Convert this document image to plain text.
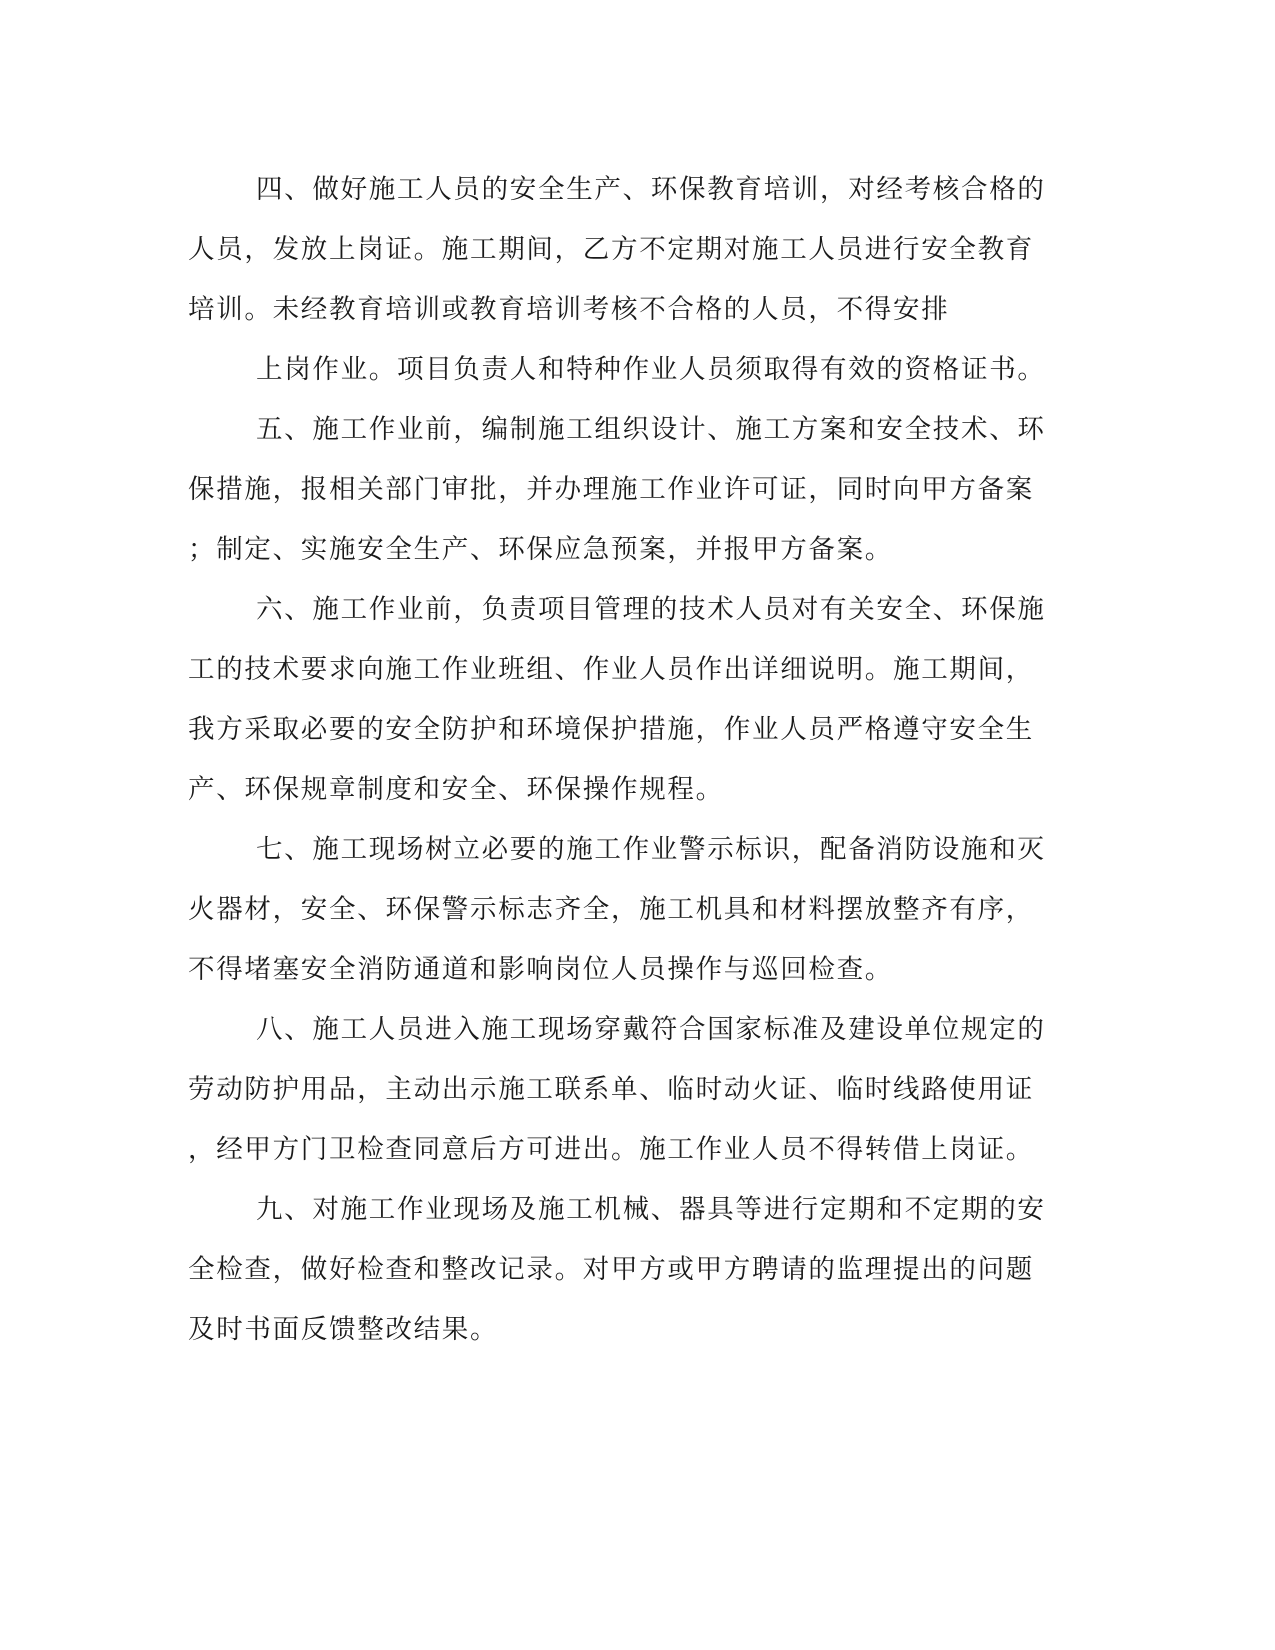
四、做好施工人员的安全生产、环保教育培训，对经考核合格的

人员，发放上岗证。施工期间，乙方不定期对施工人员进行安全教育

培训。未经教育培训或教育培训考核不合格的人员，不得安排

上岗作业。项目负责人和特种作业人员须取得有效的资格证书。

五、施工作业前，编制施工组织设计、施工方案和安全技术、环

保措施，报相关部门审批，并办理施工作业许可证，同时向甲方备案

；制定、实施安全生产、环保应急预案，并报甲方备案。

六、施工作业前，负责项目管理的技术人员对有关安全、环保施

工的技术要求向施工作业班组、作业人员作出详细说明。施工期间，

我方采取必要的安全防护和环境保护措施，作业人员严格遵守安全生

产、环保规章制度和安全、环保操作规程。

七、施工现场树立必要的施工作业警示标识，配备消防设施和灭

火器材，安全、环保警示标志齐全，施工机具和材料摆放整齐有序，

不得堵塞安全消防通道和影响岗位人员操作与巡回检查。

八、施工人员进入施工现场穿戴符合国家标准及建设单位规定的

劳动防护用品，主动出示施工联系单、临时动火证、临时线路使用证

，经甲方门卫检查同意后方可进出。施工作业人员不得转借上岗证。

九、对施工作业现场及施工机械、器具等进行定期和不定期的安

全检查，做好检查和整改记录。对甲方或甲方聘请的监理提出的问题

及时书面反馈整改结果。
